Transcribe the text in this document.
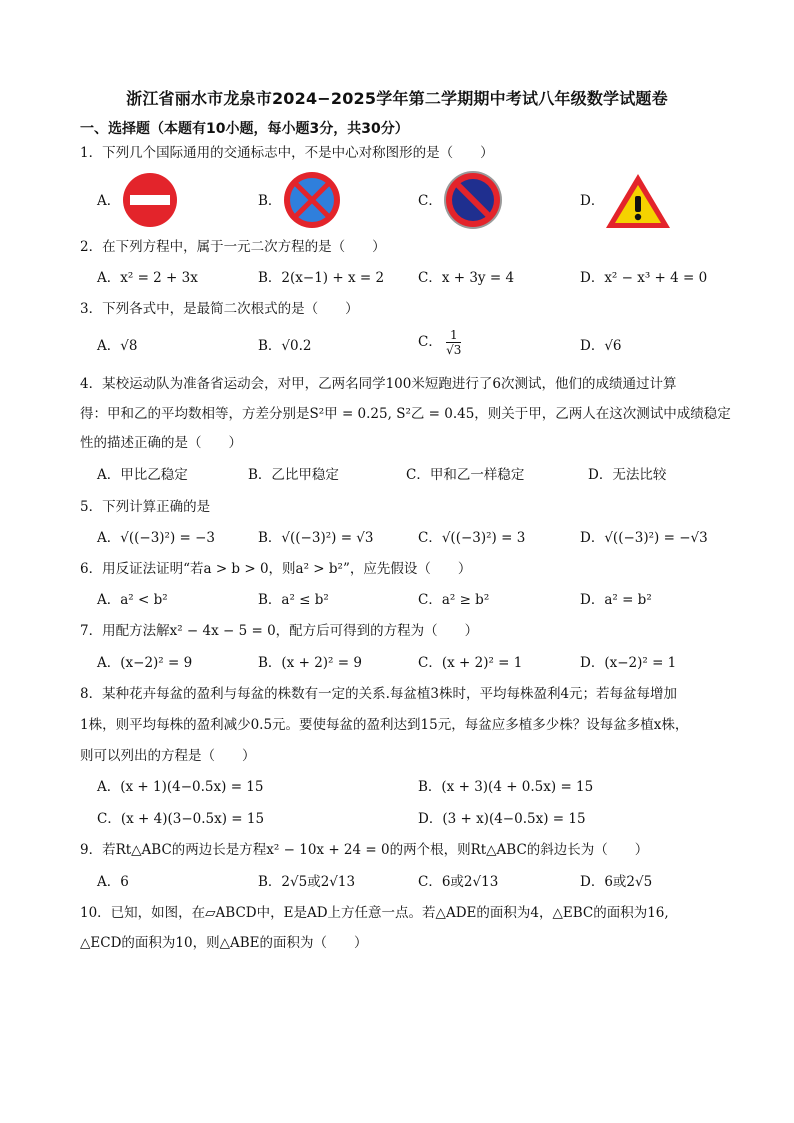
浙江省丽水市龙泉市2024−2025学年第二学期期中考试八年级数学试题卷
一、选择题（本题有10小题，每小题3分，共30分）
1．下列几个国际通用的交通标志中，不是中心对称图形的是（　　）
A．	B．	C．	D．
2．在下列方程中，属于一元二次方程的是（　　）
A．x² = 2 + 3x	B．2(x−1) + x = 2	C．x + 3y = 4	D．x² − x³ + 4 = 0
3．下列各式中，是最简二次根式的是（　　）
A．√8	B．√0.2	C． $\frac{1}{√3}$	D．√6
4．某校运动队为准备省运动会，对甲，乙两名同学100米短跑进行了6次测试，他们的成绩通过计算
得：甲和乙的平均数相等，方差分别是S²甲 = 0.25, S²乙 = 0.45，则关于甲，乙两人在这次测试中成绩稳定
性的描述正确的是（　　）
A．甲比乙稳定	B．乙比甲稳定	C．甲和乙一样稳定	D．无法比较
5．下列计算正确的是
A．√((−3)²) = −3	B．√((−3)²) = √3	C．√((−3)²) = 3	D．√((−3)²) = −√3
6．用反证法证明“若a > b > 0，则a² > b²”，应先假设（　　）
A．a² < b²	B．a² ≤ b²	C．a² ≥ b²	D．a² = b²
7．用配方法解x² − 4x − 5 = 0，配方后可得到的方程为（　　）
A．(x−2)² = 9	B．(x + 2)² = 9	C．(x + 2)² = 1	D．(x−2)² = 1
8．某种花卉每盆的盈利与每盆的株数有一定的关系.每盆植3株时，平均每株盈利4元；若每盆每增加
1株，则平均每株的盈利减少0.5元。要使每盆的盈利达到15元，每盆应多植多少株？设每盆多植x株，
则可以列出的方程是（　　）
A．(x + 1)(4−0.5x) = 15	B．(x + 3)(4 + 0.5x) = 15
C．(x + 4)(3−0.5x) = 15	D．(3 + x)(4−0.5x) = 15
9．若Rt△ABC的两边长是方程x² − 10x + 24 = 0的两个根，则Rt△ABC的斜边长为（　　）
A．6	B．2√5或2√13	C．6或2√13	D．6或2√5
10．已知，如图，在▱ABCD中，E是AD上方任意一点。若△ADE的面积为4，△EBC的面积为16,
△ECD的面积为10，则△ABE的面积为（　　）
